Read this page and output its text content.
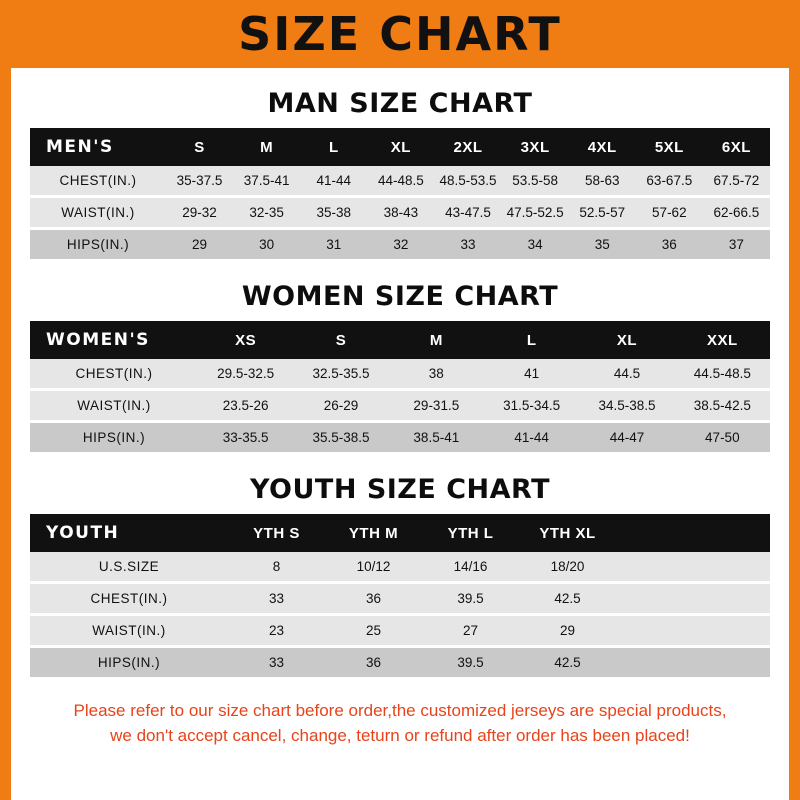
SIZE CHART
MAN SIZE CHART
MEN'S	S	M	L	XL	2XL	3XL	4XL	5XL	6XL
CHEST(IN.)	35-37.5	37.5-41	41-44	44-48.5	48.5-53.5	53.5-58	58-63	63-67.5	67.5-72

WAIST(IN.)	29-32	32-35	35-38	38-43	43-47.5	47.5-52.5	52.5-57	57-62	62-66.5

HIPS(IN.)	29	30	31	32	33	34	35	36	37
WOMEN SIZE CHART
WOMEN'S	XS	S	M	L	XL	XXL
CHEST(IN.)	29.5-32.5	32.5-35.5	38	41	44.5	44.5-48.5

WAIST(IN.)	23.5-26	26-29	29-31.5	31.5-34.5	34.5-38.5	38.5-42.5

HIPS(IN.)	33-35.5	35.5-38.5	38.5-41	41-44	44-47	47-50
YOUTH SIZE CHART
YOUTH	YTH S	YTH M	YTH L	YTH XL	
U.S.SIZE	8	10/12	14/16	18/20	

CHEST(IN.)	33	36	39.5	42.5	

WAIST(IN.)	23	25	27	29	

HIPS(IN.)	33	36	39.5	42.5	
Please refer to our size chart before order,the customized jerseys are special products,
we don't accept cancel, change, teturn or refund after order has been placed!
